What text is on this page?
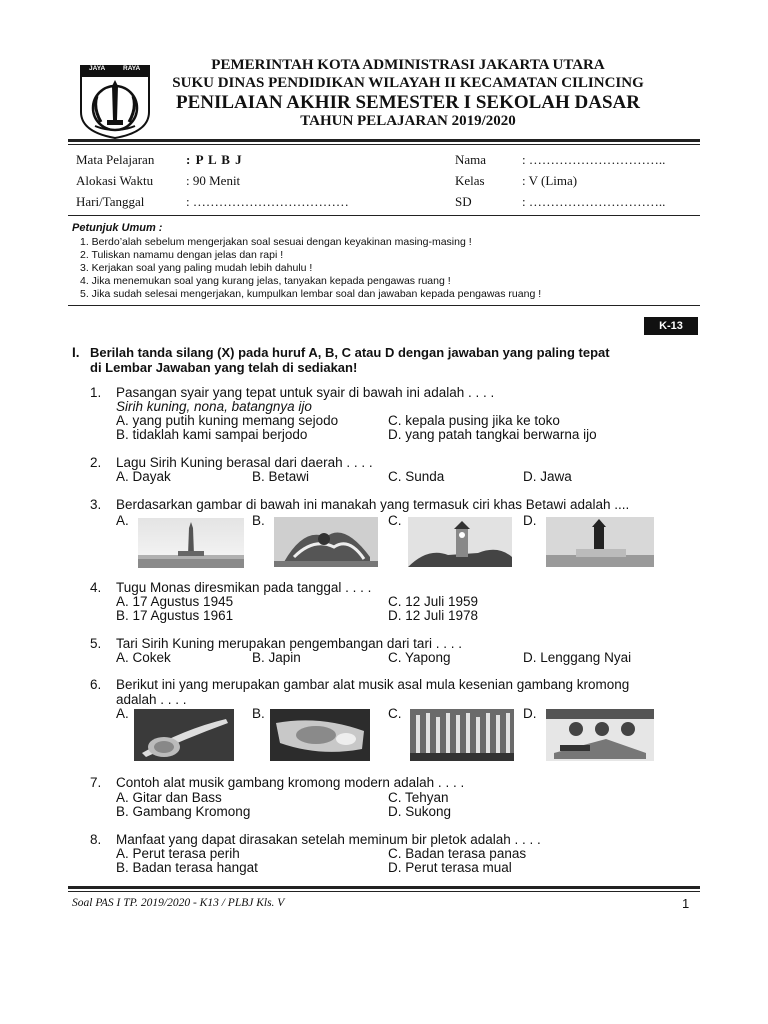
JAYA	RAYA	PEMERINTAH KOTA ADMINISTRASI JAKARTA UTARA
SUKU DINAS PENDIDIKAN WILAYAH II KECAMATAN CILINCING
PENILAIAN AKHIR SEMESTER I SEKOLAH DASAR
TAHUN PELAJARAN 2019/2020
Mata Pelajaran : P L B J
Alokasi Waktu	: 90 Menit
Hari/Tanggal	: ………………………………
Nama	: …………………………..
Kelas	: V (Lima)
SD	: …………………………..
Petunjuk Umum :
1. Berdo’alah sebelum mengerjakan soal sesuai dengan keyakinan masing-masing !
2. Tuliskan namamu dengan jelas dan rapi !
3. Kerjakan soal yang paling mudah lebih dahulu !
4. Jika menemukan soal yang kurang jelas, tanyakan kepada pengawas ruang !
5. Jika sudah selesai mengerjakan, kumpulkan lembar soal dan jawaban kepada pengawas ruang !
K-13
I. Berilah tanda silang (X) pada huruf A, B, C atau D dengan jawaban yang paling tepat
di Lembar Jawaban yang telah di sediakan!
1. Pasangan syair yang tepat untuk syair di bawah ini adalah . . . .
Sirih kuning, nona, batangnya ijo
A. yang putih kuning memang sejodo
B. tidaklah kami sampai berjodo
C. kepala pusing jika ke toko
D. yang patah tangkai berwarna ijo
2. Lagu Sirih Kuning berasal dari daerah . . . .
A. Dayak	B. Betawi	C. Sunda	D. Jawa
3. Berdasarkan gambar di bawah ini manakah yang termasuk ciri khas Betawi adalah ....
A.	B.	C.	D.
4. Tugu Monas diresmikan pada tanggal . . . .
A. 17 Agustus 1945
B. 17 Agustus 1961
C. 12 Juli 1959
D. 12 Juli 1978
5. Tari Sirih Kuning merupakan pengembangan dari tari . . . .
A. Cokek	B. Japin	C. Yapong	D. Lenggang Nyai
6. Berikut ini yang merupakan gambar alat musik asal mula kesenian gambang kromong
adalah . . . .
A.	B.	C.	D.
7. Contoh alat musik gambang kromong modern adalah . . . .
A. Gitar dan Bass
B. Gambang Kromong
C. Tehyan
D. Sukong
8. Manfaat yang dapat dirasakan setelah meminum bir pletok adalah . . . .
A. Perut terasa perih
B. Badan terasa hangat
C. Badan terasa panas
D. Perut terasa mual
Soal PAS I TP. 2019/2020 - K13 / PLBJ Kls. V	1
